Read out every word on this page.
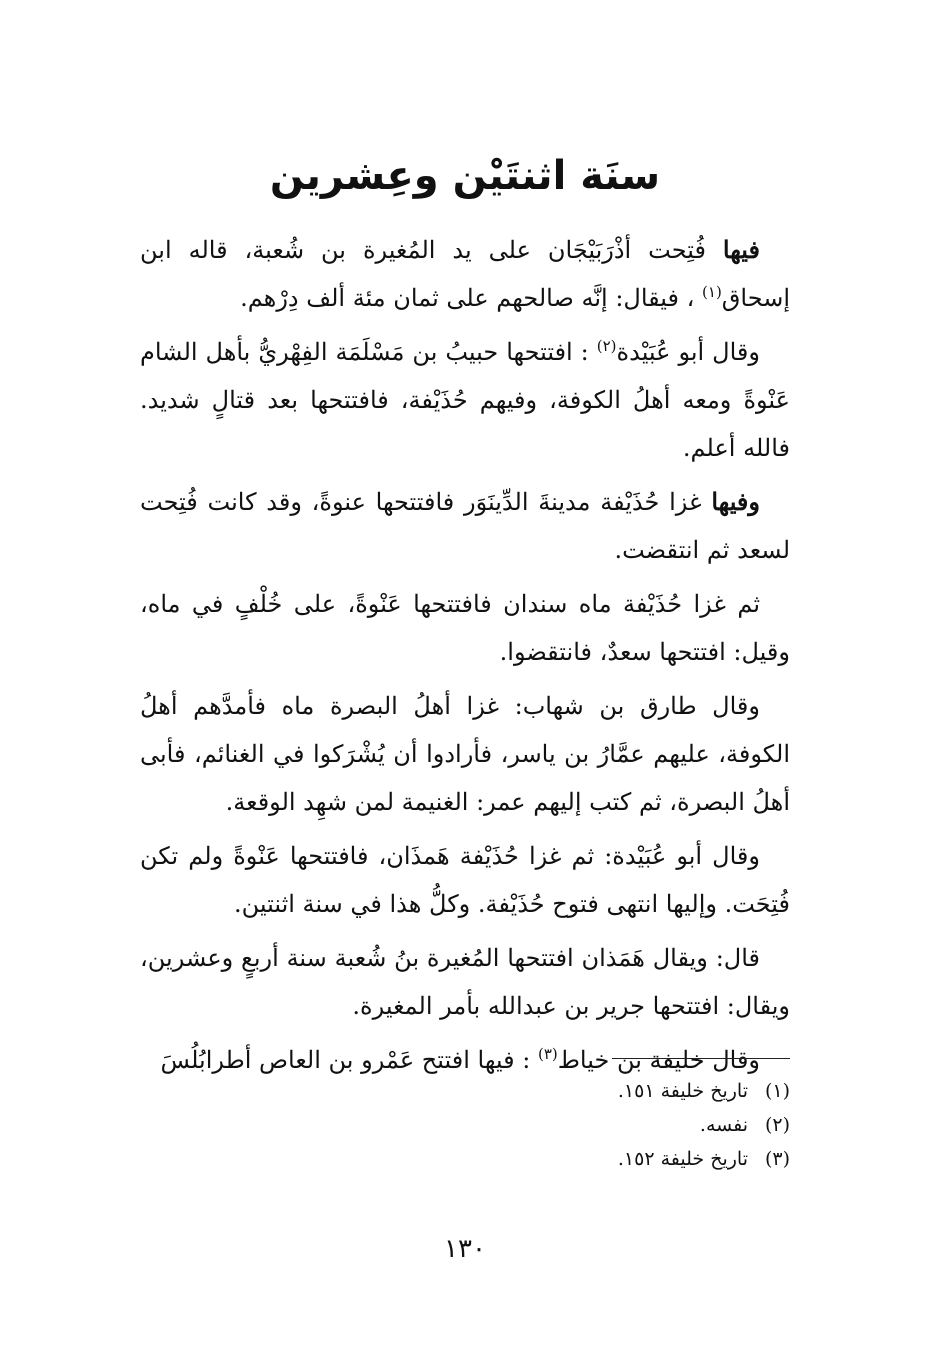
سنَة اثنتَيْن وعِشرين

فيها فُتِحت أذْرَبَيْجَان على يد المُغيرة بن شُعبة، قاله ابن إسحاق$^{(١)}$ ، فيقال: إنَّه صالحهم على ثمان مئة ألف دِرْهم.

وقال أبو عُبَيْدة$^{(٢)}$ : افتتحها حبيبُ بن مَسْلَمَة الفِهْريُّ بأهل الشام عَنْوةً ومعه أهلُ الكوفة، وفيهم حُذَيْفة، فافتتحها بعد قتالٍ شديد. فالله أعلم.

وفيها غزا حُذَيْفة مدينةَ الدِّينَوَر فافتتحها عنوةً، وقد كانت فُتِحت لسعد ثم انتقضت.

ثم غزا حُذَيْفة ماه سندان فافتتحها عَنْوةً، على خُلْفٍ في ماه، وقيل: افتتحها سعدٌ، فانتقضوا.

وقال طارق بن شهاب: غزا أهلُ البصرة ماه فأمدَّهم أهلُ الكوفة، عليهم عمَّارُ بن ياسر، فأرادوا أن يُشْرَكوا في الغنائم، فأبى أهلُ البصرة، ثم كتب إليهم عمر: الغنيمة لمن شهِد الوقعة.

وقال أبو عُبَيْدة: ثم غزا حُذَيْفة هَمذَان، فافتتحها عَنْوةً ولم تكن فُتِحَت. وإليها انتهى فتوح حُذَيْفة. وكلُّ هذا في سنة اثنتين.

قال: ويقال هَمَذان افتتحها المُغيرة بنُ شُعبة سنة أربعٍ وعشرين، ويقال: افتتحها جرير بن عبدالله بأمر المغيرة.

وقال خليفة بن خياط$^{(٣)}$ : فيها افتتح عَمْرو بن العاص أطرابُلُسَ

(١)تاريخ خليفة ١٥١.

(٢)نفسه.

(٣)تاريخ خليفة ١٥٢.

١٣٠
